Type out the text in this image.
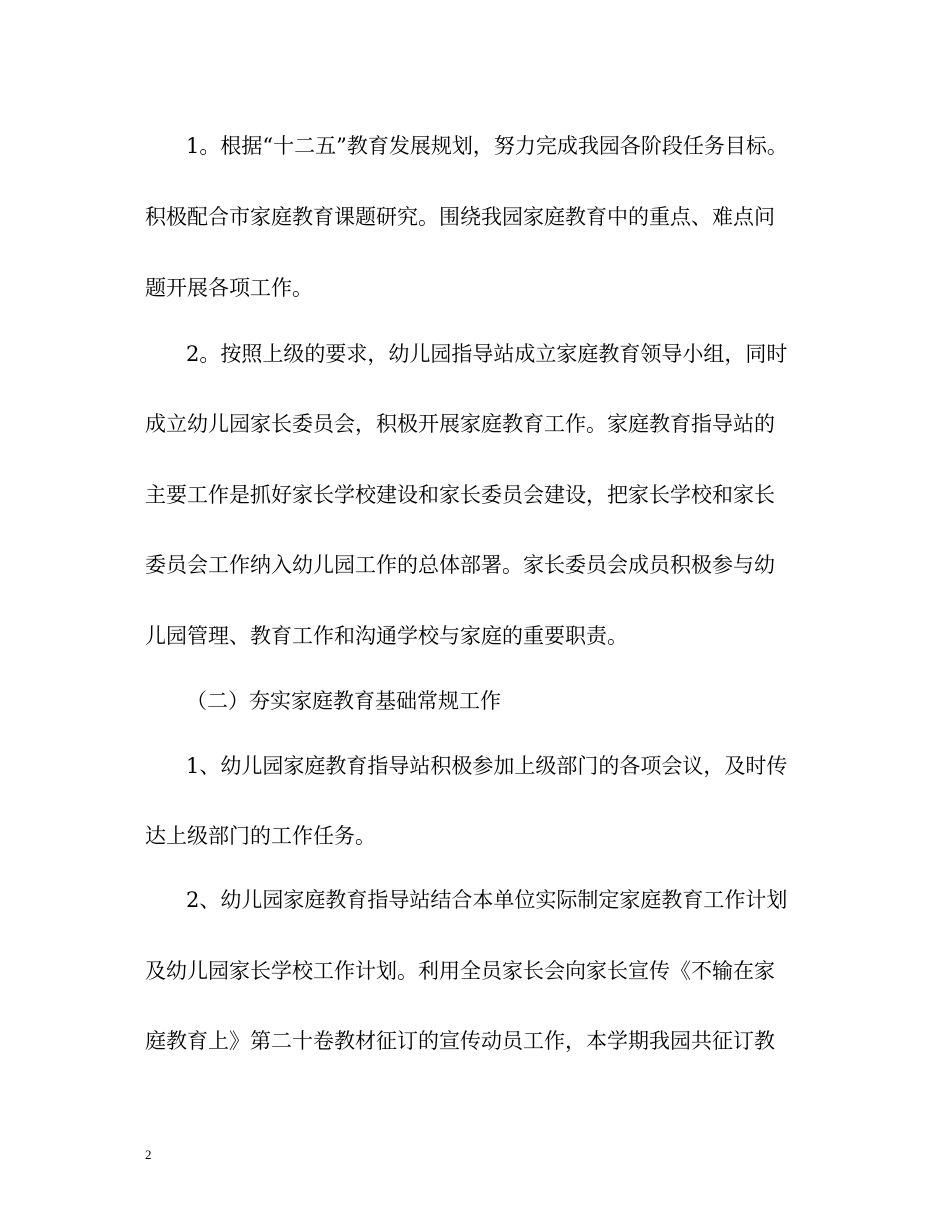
1。根据“十二五”教育发展规划，努力完成我园各阶段任务目标。
积极配合市家庭教育课题研究。围绕我园家庭教育中的重点、难点问
题开展各项工作。
2。按照上级的要求，幼儿园指导站成立家庭教育领导小组，同时
成立幼儿园家长委员会，积极开展家庭教育工作。家庭教育指导站的
主要工作是抓好家长学校建设和家长委员会建设，把家长学校和家长
委员会工作纳入幼儿园工作的总体部署。家长委员会成员积极参与幼
儿园管理、教育工作和沟通学校与家庭的重要职责。
（二）夯实家庭教育基础常规工作
1、幼儿园家庭教育指导站积极参加上级部门的各项会议，及时传
达上级部门的工作任务。
2、幼儿园家庭教育指导站结合本单位实际制定家庭教育工作计划
及幼儿园家长学校工作计划。利用全员家长会向家长宣传《不输在家
庭教育上》第二十卷教材征订的宣传动员工作，本学期我园共征订教
2
